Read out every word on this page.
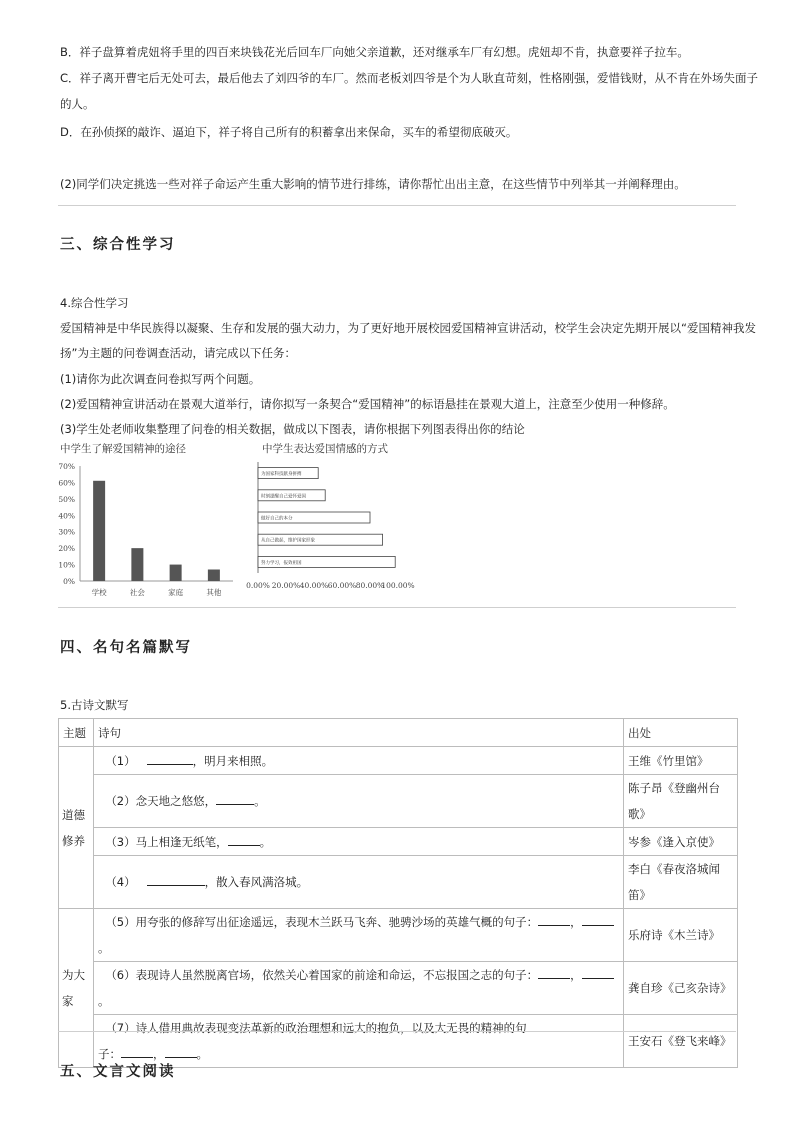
B．祥子盘算着虎妞将手里的四百来块钱花光后回车厂向她父亲道歉，还对继承车厂有幻想。虎妞却不肯，执意要祥子拉车。
C．祥子离开曹宅后无处可去，最后他去了刘四爷的车厂。然而老板刘四爷是个为人耿直苛刻，性格刚强，爱惜钱财，从不肯在外场失面子
的人。
D．在孙侦探的敲诈、逼迫下，祥子将自己所有的积蓄拿出来保命，买车的希望彻底破灭。
(2)同学们决定挑选一些对祥子命运产生重大影响的情节进行排练，请你帮忙出出主意，在这些情节中列举其一并阐释理由。
三、综合性学习
4.综合性学习
爱国精神是中华民族得以凝聚、生存和发展的强大动力，为了更好地开展校园爱国精神宣讲活动，校学生会决定先期开展以“爱国精神我发
扬”为主题的问卷调查活动，请完成以下任务：
(1)请你为此次调查问卷拟写两个问题。
(2)爱国精神宣讲活动在景观大道举行，请你拟写一条契合“爱国精神”的标语悬挂在景观大道上，注意至少使用一种修辞。
(3)学生处老师收集整理了问卷的相关数据，做成以下图表，请你根据下列图表得出你的结论
中学生了解爱国精神的途径	中学生表达爱国情感的方式
0%
10%
20%
30%
40%
50%
60%
70%
学校	社会	家庭	其他
为国家科技献身拼搏
时刻提醒自己爱怀爱国
做好自己的本分
从自己做起，维护国家形象
努力学习，报效祖国
0.00% 20.00% 40.00% 60.00% 80.00%
100.00%
四、名句名篇默写
5.古诗文默写
主题	诗句	出处
道德
修养	（1） ，明月来相照。	王维《竹里馆》
	（2）念天地之悠悠， 。	陈子昂《登幽州台
歌》
	（3）马上相逢无纸笔， 。	岑参《逢入京使》
	（4） ，散入春风满洛城。	李白《春夜洛城闻
笛》
为大
家	（5）用夸张的修辞写出征途遥远，表现木兰跃马飞奔、驰骋沙场的英雄气概的句子： ，。	乐府诗《木兰诗》
	（6）表现诗人虽然脱离官场，依然关心着国家的前途和命运，不忘报国之志的句子： ，。	龚自珍《己亥杂诗》
	（7）诗人借用典故表现变法革新的政治理想和远大的抱负，以及大无畏的精神的句
子： ， 。	王安石《登飞来峰》
五、文言文阅读
